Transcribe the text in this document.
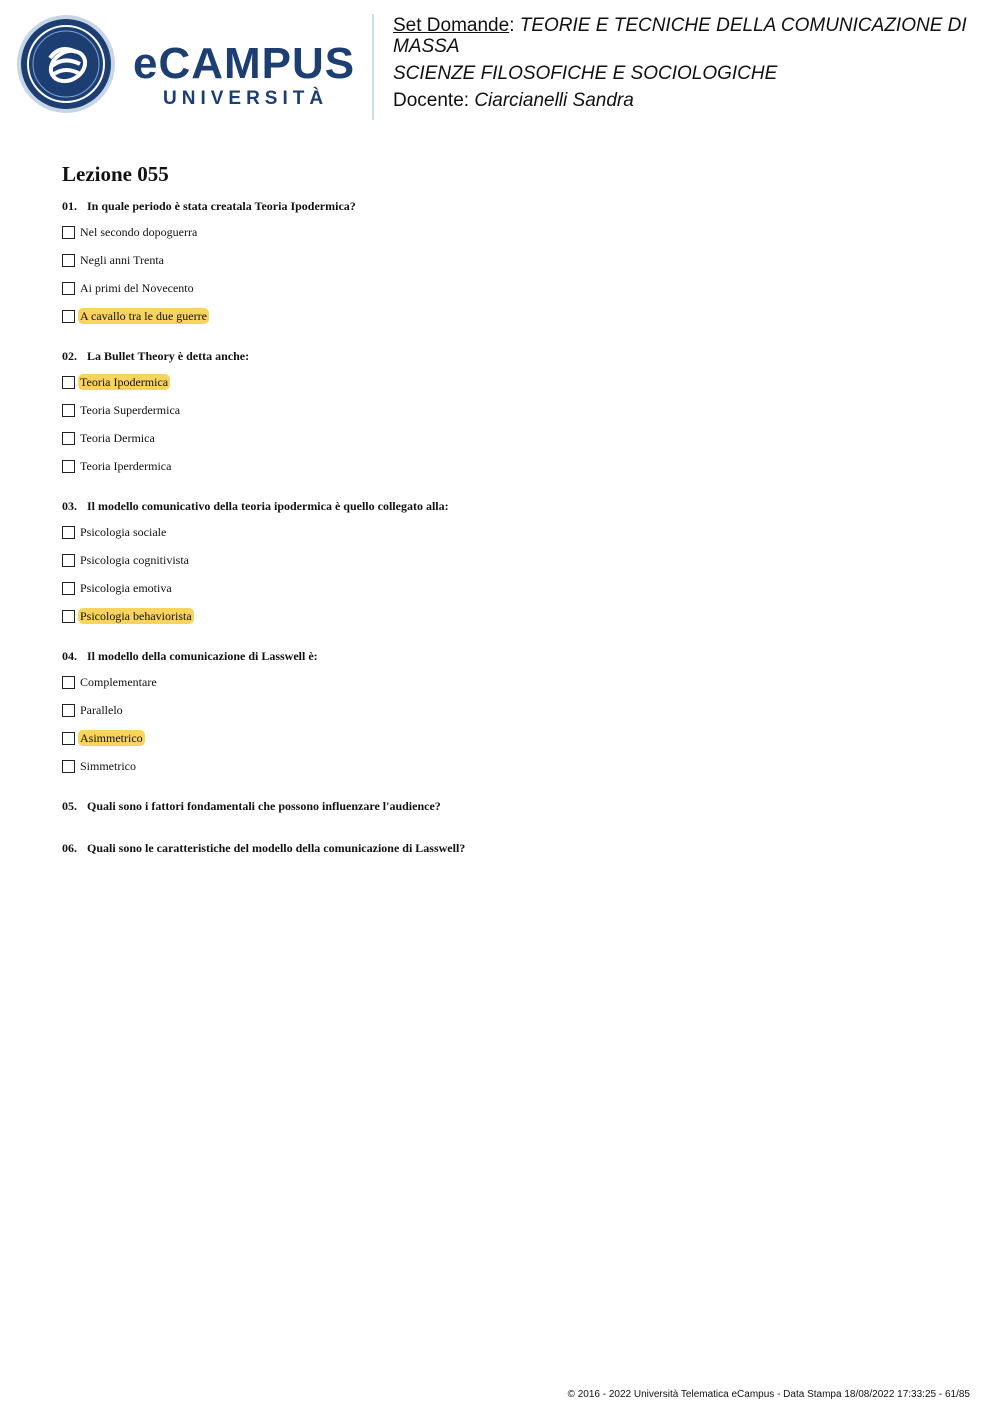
eCAMPUS
UNIVERSITÀ
Set Domande: TEORIE E TECNICHE DELLA COMUNICAZIONE DI MASSA
SCIENZE FILOSOFICHE E SOCIOLOGICHE
Docente: Ciarcianelli Sandra
Lezione 055
01. In quale periodo è stata creatala Teoria Ipodermica?
Nel secondo dopoguerra
Negli anni Trenta
Ai primi del Novecento
A cavallo tra le due guerre
02. La Bullet Theory è detta anche:
Teoria Ipodermica
Teoria Superdermica
Teoria Dermica
Teoria Iperdermica
03. Il modello comunicativo della teoria ipodermica è quello collegato alla:
Psicologia sociale
Psicologia cognitivista
Psicologia emotiva
Psicologia behaviorista
04. Il modello della comunicazione di Lasswell è:
Complementare
Parallelo
Asimmetrico
Simmetrico
05. Quali sono i fattori fondamentali che possono influenzare l'audience?
06. Quali sono le caratteristiche del modello della comunicazione di Lasswell?
© 2016 - 2022 Università Telematica eCampus - Data Stampa 18/08/2022 17:33:25 - 61/85
